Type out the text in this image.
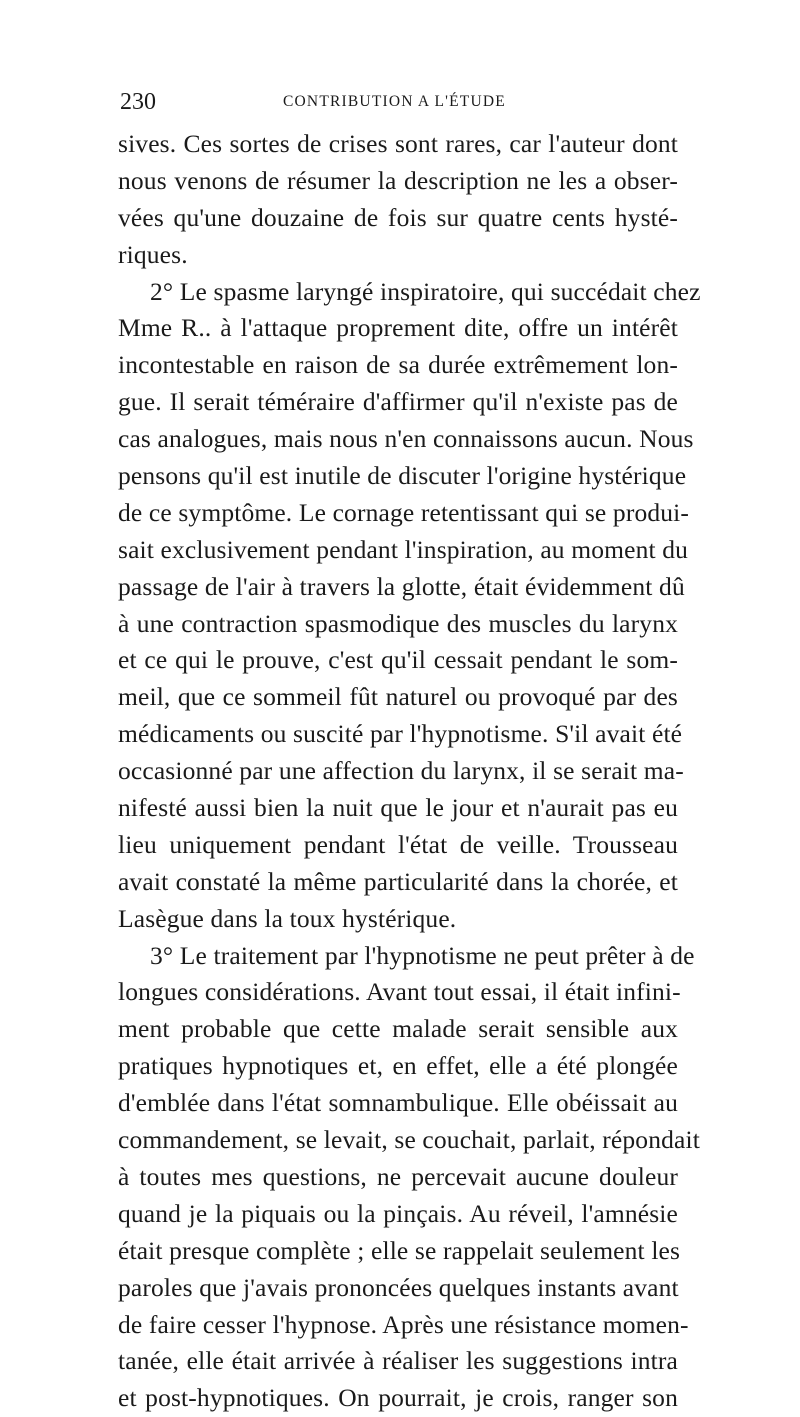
230	CONTRIBUTION A L'ÉTUDE
sives. Ces sortes de crises sont rares, car l'auteur dont
nous venons de résumer la description ne les a obser-
vées qu'une douzaine de fois sur quatre cents hysté-
riques.
2° Le spasme laryngé inspiratoire, qui succédait chez
Mme R.. à l'attaque proprement dite, offre un intérêt
incontestable en raison de sa durée extrêmement lon-
gue. Il serait téméraire d'affirmer qu'il n'existe pas de
cas analogues, mais nous n'en connaissons aucun. Nous
pensons qu'il est inutile de discuter l'origine hystérique
de ce symptôme. Le cornage retentissant qui se produi-
sait exclusivement pendant l'inspiration, au moment du
passage de l'air à travers la glotte, était évidemment dû
à une contraction spasmodique des muscles du larynx
et ce qui le prouve, c'est qu'il cessait pendant le som-
meil, que ce sommeil fût naturel ou provoqué par des
médicaments ou suscité par l'hypnotisme. S'il avait été
occasionné par une affection du larynx, il se serait ma-
nifesté aussi bien la nuit que le jour et n'aurait pas eu
lieu uniquement pendant l'état de veille. Trousseau
avait constaté la même particularité dans la chorée, et
Lasègue dans la toux hystérique.
3° Le traitement par l'hypnotisme ne peut prêter à de
longues considérations. Avant tout essai, il était infini-
ment probable que cette malade serait sensible aux
pratiques hypnotiques et, en effet, elle a été plongée
d'emblée dans l'état somnambulique. Elle obéissait au
commandement, se levait, se couchait, parlait, répondait
à toutes mes questions, ne percevait aucune douleur
quand je la piquais ou la pinçais. Au réveil, l'amnésie
était presque complète ; elle se rappelait seulement les
paroles que j'avais prononcées quelques instants avant
de faire cesser l'hypnose. Après une résistance momen-
tanée, elle était arrivée à réaliser les suggestions intra
et post-hypnotiques. On pourrait, je crois, ranger son
